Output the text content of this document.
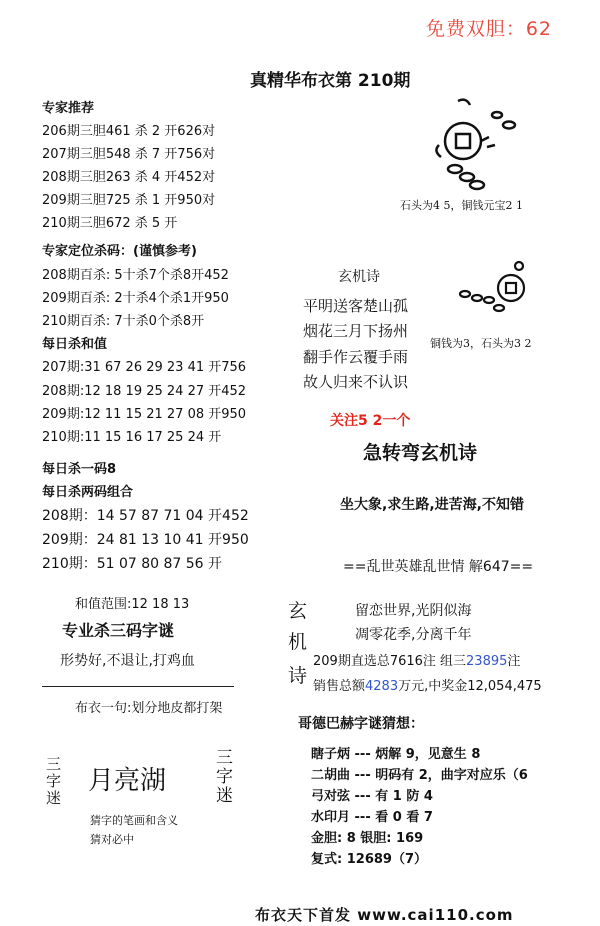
免费双胆：62
真精华布衣第 210期
专家推荐
206期三胆461 杀 2 开626对
207期三胆548 杀 7 开756对
208期三胆263 杀 4 开452对
209期三胆725 杀 1 开950对
210期三胆672 杀 5 开
专家定位杀码：(谨慎参考)
208期百杀: 5十杀7个杀8开452
209期百杀: 2十杀4个杀1开950
210期百杀: 7十杀0个杀8开
每日杀和值
207期:31 67 26 29 23 41 开756
208期:12 18 19 25 24 27 开452
209期:12 11 15 21 27 08 开950
210期:11 15 16 17 25 24 开
每日杀一码8
每日杀两码组合
208期：14 57 87 71 04 开452
209期：24 81 13 10 41 开950
210期：51 07 80 87 56 开
和值范围:12 18 13
专业杀三码字谜
形势好,不退让,打鸡血
布衣一句:划分地皮都打架
三字迷 月亮湖	三字迷
猜字的笔画和含义
猜对必中
石头为4 5，铜钱元宝2 1
玄机诗
平明送客楚山孤
烟花三月下扬州
翻手作云覆手雨
故人归来不认识
铜钱为3，石头为3 2
关注5 2一个
急转弯玄机诗
坐大象,求生路,进苦海,不知错
==乱世英雄乱世情 解647==
玄
机
诗
留恋世界,光阴似海
凋零花季,分离千年
209期直选总7616注 组三23895注
销售总额4283万元,中奖金12,054,475
哥德巴赫字谜猜想：
瞎子炳 --- 炳解 9，见意生 8
二胡曲 --- 明码有 2，曲字对应乐（6
弓对弦 --- 有 1 防 4
水印月 --- 看 0 看 7
金胆: 8 银胆: 169
复式: 12689（7）
布衣天下首发 www.cai110.com
